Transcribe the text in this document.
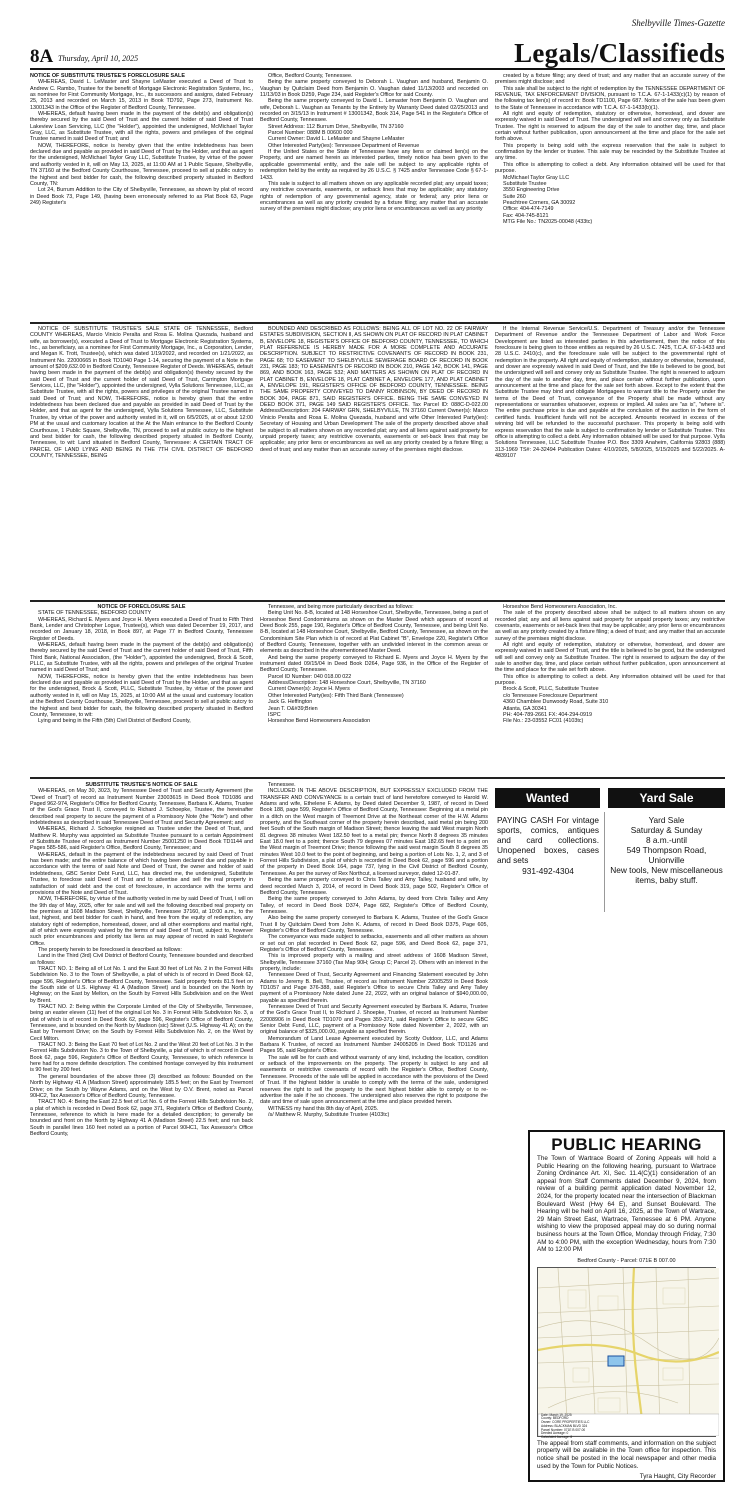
Shelbyville Times-Gazette
8A Thursday, April 10, 2025	Legals/Classifieds

NOTICE OF SUBSTITUTE TRUSTEE'S FORECLOSURE SALE

WHEREAS, David L. LeMaster and Shayne LeMaster executed a Deed of Trust to Andrew C. Rambo, Trustee for the benefit of Mortgage Electronic Registration Systems, Inc., as nominee for First Community Mortgage, Inc., its successors and assigns, dated February 25, 2013 and recorded on March 15, 2013 in Book TD792, Page 273, Instrument No. 13001343 in the Office of the Register of Bedford County, Tennessee.

WHEREAS, default having been made in the payment of the debt(s) and obligation(s) thereby secured by the said Deed of Trust and the current holder of said Deed of Trust Lakeview Loan Servicing, LLC (the "Holder"), appointed the undersigned, McMichael Taylor Gray, LLC, as Substitute Trustee, with all the rights, powers and privileges of the original Trustee named in said Deed of Trust; and

NOW, THEREFORE, notice is hereby given that the entire indebtedness has been declared due and payable as provided in said Deed of Trust by the Holder, and that as agent for the undersigned, McMichael Taylor Gray LLC, Substitute Trustee, by virtue of the power and authority vested in it, will on May 13, 2025, at 11:00 AM at 1 Public Square, Shelbyville, TN 37160 at the Bedford County Courthouse, Tennessee, proceed to sell at public outcry to the highest and best bidder for cash, the following described property situated in Bedford County, TN:

Lot 24, Burrum Addition to the City of Shelbyville, Tennessee, as shown by plat of record in Deed Book 73, Page 149, (having been erroneously referred to as Plat Book 63, Page 249) Register's

Office, Bedford County, Tennessee.

Being the same property conveyed to Deborah L. Vaughan and husband, Benjamin O. Vaughan by Quitclaim Deed from Benjamin O. Vaughan dated 11/13/2003 and recorded on 11/13/03 in Book D259, Page 234, said Register's Office for said County.

Being the same property conveyed to David L. Lemaster from Benjamin O. Vaughan and wife, Deborah L. Vaughan as Tenants by the Entirety by Warranty Deed dated 02/25/2013 and recorded on 3/15/13 in Instrument # 13001342, Book 314, Page 541 in the Register's Office of Bedford County, Tennessee.

Street Address: 112 Burrum Drive, Shelbyville, TN 37160

Parcel Number: 088M B 00600 000

Current Owner: David L. LeMaster and Shayne LeMaster

Other Interested Party(ies): Tennessee Department of Revenue

If the United States or the State of Tennessee have any liens or claimed lien(s) on the Property, and are named herein as interested parties, timely notice has been given to the applicable governmental entity, and the sale will be subject to any applicable rights of redemption held by the entity as required by 26 U.S.C. § 7425 and/or Tennessee Code § 67-1-1433.

This sale is subject to all matters shown on any applicable recorded plat; any unpaid taxes; any restrictive covenants, easements, or setback lines that may be applicable; any statutory rights of redemption of any governmental agency, state or federal; any prior liens or encumbrances as well as any priority created by a fixture filing; any matter that an accurate survey of the premises might disclose; any prior liens or encumbrances as well as any priority

created by a fixture filing; any deed of trust; and any matter that an accurate survey of the premises might disclose; and

This sale shall be subject to the right of redemption by the TENNESSEE DEPARTMENT OF REVENUE, TAX ENFORCEMENT DIVISION, pursuant to T.C.A. 67-1-1433(c)(1) by reason of the following tax lien(s) of record in: Book TD1100, Page 687. Notice of the sale has been given to the State of Tennessee in accordance with T.C.A. 67-1-1433(b)(1).

All right and equity of redemption, statutory or otherwise, homestead, and dower are expressly waived in said Deed of Trust. The undersigned will sell and convey only as Substitute Trustee. The right is reserved to adjourn the day of the sale to another day, time, and place certain without further publication, upon announcement at the time and place for the sale set forth above.

This property is being sold with the express reservation that the sale is subject to confirmation by the lender or trustee. This sale may be rescinded by the Substitute Trustee at any time.

This office is attempting to collect a debt. Any information obtained will be used for that purpose.

McMichael Taylor Gray LLC

Substitute Trustee

3550 Engineering Drive

Suite 260

Peachtree Corners, GA 30092

Office: 404-474-7149

Fax: 404-745-8121

MTG File No.: TN2025-00048 (433tc)

NOTICE OF SUBSTITUTE TRUSTEE'S SALE STATE OF TENNESSEE, Bedford COUNTY WHEREAS, Marcio Vinicio Peralta and Rosa E. Molina Quezada, husband and wife, as borrower(s), executed a Deed of Trust to Mortgage Electronic Registration Systems, Inc., as beneficiary, as a nominee for First Community Mortgage, Inc., a Corporation, Lender, and Megan K. Trott, Trustee(s), which was dated 1/19/2022, and recorded on 1/21/2022, as Instrument No. 22000665 in Book TD1040 Page 1-14, securing the payment of a Note in the amount of $209,632.00 in Bedford County, Tennessee Register of Deeds. WHEREAS, default having been made in the payment of the debt(s) and obligation(s) thereby secured by the said Deed of Trust and the current holder of said Deed of Trust, Carrington Mortgage Services, LLC, (the "Holder"), appointed the undersigned, Vylla Solutions Tennessee, LLC, as Substitute Trustee, with all the rights, powers and privileges of the original Trustee named in said Deed of Trust; and NOW, THEREFORE, notice is hereby given that the entire indebtedness has been declared due and payable as provided in said Deed of Trust by the Holder, and that as agent for the undersigned, Vylla Solutions Tennessee, LLC, Substitute Trustee, by virtue of the power and authority vested in it, will on 6/5/2025, at or about 12:00 PM at the usual and customary location at the At the Main entrance to the Bedford County Courthouse, 1 Public Square, Shelbyville, TN, proceed to sell at public outcry to the highest and best bidder for cash, the following described property situated in Bedford County, Tennessee, to wit: Land situated in Bedford County, Tennessee: A CERTAIN TRACT OF PARCEL OF LAND LYING AND BEING IN THE 7TH CIVIL DISTRICT OF BEDFORD COUNTY, TENNESSEE, BEING

BOUNDED AND DESCRIBED AS FOLLOWS: BEING ALL OF LOT NO. 22 OF FAIRWAY ESTATES SUBDIVISION, SECTION II, AS SHOWN ON PLAT OF RECORD IN PLAT CABINET B, ENVELOPE 18, REGISTER'S OFFICE OF BEDFORD COUNTY, TENNESSEE, TO WHICH PLAT REFERENCE IS HEREBY MADE FOR A MORE COMPLETE AND ACCURATE DESCRIPTION. SUBJECT TO RESTRICTIVE COVENANTS OF RECORD IN BOOK 231, PAGE 68; TO EASEMENT TO SHELBYVILLE SEWERAGE BOARD OF RECORD IN BOOK 231, PAGE 183; TO EASEMENTS OF RECORD IN BOOK 210, PAGE 142, BOOK 141, PAGE 869, AND BOOK 163, PAGE 532; AND MATTERS AS SHOWN ON PLAT OF RECORD IN PLAT CABINET B, ENVELOPE 18, PLAT CABINET A, ENVELOPE 177, AND PLAT CABINET A, ENVELOPE 191, REGISTER'S OFFICE OF BEDFORD COUNTY, TENNESSEE. BEING THE SAME PROPERTY CONVEYED TO DANNY ROBINSON, BY DEED OF RECORD IN BOOK 304, PAGE 871, SAID REGISTER'S OFFICE. BEING THE SAME CONVEYED IN DEED BOOK 371, PAGE 149 SAID REGISTER'S OFFICE. Tax Parcel ID: 088C-D-022.00 Address/Description: 204 FAIRWAY GRN, SHELBYVILLE, TN 37160 Current Owner(s): Marco Vinicio Peralta and Rosa E. Molina Quezada, husband and wife Other Interested Party(ies): Secretary of Housing and Urban Development The sale of the property described above shall be subject to all matters shown on any recorded plat; any and all liens against said property for unpaid property taxes; any restrictive covenants, easements or set-back lines that may be applicable; any prior liens or encumbrances as well as any priority created by a fixture filing; a deed of trust; and any matter than an accurate survey of the premises might disclose.

If the Internal Revenue Service/U.S. Department of Treasury and/or the Tennessee Department of Revenue and/or the Tennessee Department of Labor and Work Force Development are listed as interested parties in this advertisement, then the notice of this foreclosure is being given to those entities as required by 26 U.S.C. 7425, T.C.A. 67-1-1433 and 28 U.S.C. 2410(c), and the foreclosure sale will be subject to the governmental right of redemption in the property. All right and equity of redemption, statutory or otherwise, homestead, and dower are expressly waived in said Deed of Trust, and the title is believed to be good, but the undersigned will sell and convey only as Substitute Trustee. The right is reserved to adjourn the day of the sale to another day, time, and place certain without further publication, upon announcement at the time and place for the sale set forth above. Except to the extent that the Substitute Trustee may bind and obligate Mortgagees to warrant title to the Property under the terms of the Deed of Trust, conveyance of the Property shall be made without any representations or warranties whatsoever, express or implied. All sales are "as is", "where is". The entire purchase price is due and payable at the conclusion of the auction in the form of certified funds. Insufficient funds will not be accepted. Amounts received in excess of the winning bid will be refunded to the successful purchaser. This property is being sold with express reservation that the sale is subject to confirmation by lender or Substitute Trustee. This office is attempting to collect a debt. Any information obtained will be used for that purpose. Vylla Solutions Tennessee, LLC Substitute Trustee P.O. Box 3309 Anaheim, California 92803 (888) 313-1969 TS#: 24-32494 Publication Dates: 4/10/2025, 5/8/2025, 5/15/2025 and 5/22/2025. A-4839107

NOTICE OF FORECLOSURE SALE

STATE OF TENNESSEE, BEDFORD COUNTY

WHEREAS, Richard E. Myers and Joyce H. Myers executed a Deed of Trust to Fifth Third Bank, Lender and Christopher Logue, Trustee(s), which was dated December 19, 2017, and recorded on January 18, 2018, in Book 897, at Page 77 in Bedford County, Tennessee Register of Deeds.

WHEREAS, default having been made in the payment of the debt(s) and obligation(s) thereby secured by the said Deed of Trust and the current holder of said Deed of Trust, Fifth Third Bank, National Association, (the "Holder"), appointed the undersigned, Brock & Scott, PLLC, as Substitute Trustee, with all the rights, powers and privileges of the original Trustee named in said Deed of Trust; and

NOW, THEREFORE, notice is hereby given that the entire indebtedness has been declared due and payable as provided in said Deed of Trust by the Holder, and that as agent for the undersigned, Brock & Scott, PLLC, Substitute Trustee, by virtue of the power and authority vested in it, will on May 15, 2025, at 10:00 AM at the usual and customary location at the Bedford County Courthouse, Shelbyville, Tennessee, proceed to sell at public outcry to the highest and best bidder for cash, the following described property situated in Bedford County, Tennessee, to wit:

Lying and being in the Fifth (5th) Civil District of Bedford County,

Tennessee, and being more particularly described as follows:

Being Unit No. 8-B, located at 148 Horseshoe Court, Shelbyville, Tennessee, being a part of Horseshoe Bend Condominiums as shown on the Master Deed which appears of record at Deed Book 255, page 190, Register's Office of Bedford County, Tennessee, and being Unit No. 8-B, located at 148 Horseshoe Court, Shelbyville, Bedford County, Tennessee, as shown on the Condominium Site Plan which is of record at Plat Cabinet "B", Envelope 220, Register's Office of Bedford County, Tennessee, together with an undivided interest in the common areas or elements as described in the aforementioned Master Deed.

And being the same property conveyed to Richard E. Myers and Joyce H. Myers by the instrument dated 09/15/04 in Deed Book D264, Page 936, in the Office of the Register of Bedford County, Tennessee.

Parcel ID Number: 040 018.00 022

Address/Description: 148 Horseshoe Court, Shelbyville, TN 37160

Current Owner(s): Joyce H. Myers

Other Interested Party(ies): Fifth Third Bank (Tennessee)

Jack G. Heffington

Jean T. O&#39;Brien

ISPC

Horseshoe Bend Homeowners Association

Horseshoe Bend Homeowners Association, Inc.

The sale of the property described above shall be subject to all matters shown on any recorded plat; any and all liens against said property for unpaid property taxes; any restrictive covenants, easements or set-back lines that may be applicable; any prior liens or encumbrances as well as any priority created by a fixture filing; a deed of trust; and any matter that an accurate survey of the premises might disclose.

All right and equity of redemption, statutory or otherwise, homestead, and dower are expressly waived in said Deed of Trust, and the title is believed to be good, but the undersigned will sell and convey only as Substitute Trustee. The right is reserved to adjourn the day of the sale to another day, time, and place certain without further publication, upon announcement at the time and place for the sale set forth above.

This office is attempting to collect a debt. Any information obtained will be used for that purpose.

Brock & Scott, PLLC, Substitute Trustee

c/o Tennessee Foreclosure Department

4360 Chamblee Dunwoody Road, Suite 310

Atlanta, GA 30341

PH: 404-789-2661 FX: 404-294-0919

File No.: 23-03552 FC01 (4103tc)

SUBSTITUTE TRUSTEE'S NOTICE OF SALE

WHEREAS, on May 30, 3023, by Tennessee Deed of Trust and Security Agreement (the "Deed of Trust") of record as Instrument Number 23003615 in Deed Book TD1086 and Paged 962-974, Register's Office for Bedford County, Tennessee, Barbara K. Adams, Trustee of the God's Grace Trust II, conveyed to Richard J. Schoepke, Trustee, the hereinafter described real property to secure the payment of a Promissory Note (the "Note") and other indebtedness as described in said Tennessee Deed of Trust and Security Agreement; and

WHEREAS, Richard J. Schoepke resigned as Trustee under the Deed of Trust, and Matthew R. Murphy was appointed as Substitute Trustee pursuant to a certain Appointment of Substitute Trustee of record as Instrument Number 25001250 in Deed Book TD1144 and Pages 585-586, said Register's Office, Bedford County, Tennessee; and

WHEREAS, default in the payment of the indebtedness secured by said Deed of Trust has been made; and the entire balance of which having been declared due and payable in accordance with the terms of said Note and Deed of Trust, the owner and holder of said indebtedness, GBC Senior Debt Fund, LLC, has directed me, the undersigned, Substitute Trustee, to foreclose said Deed of Trust and to advertise and sell the real property in satisfaction of said debt and the cost of foreclosure, in accordance with the terms and provisions of the Note and Deed of Trust.

NOW, THEREFORE, by virtue of the authority vested in me by said Deed of Trust, I will on the 9th day of May, 2025, offer for sale and will sell the following described real property on the premises at 1608 Madison Street, Shelbyville, Tennessee 37160, at 10:00 a.m., to the last, highest, and best bidder for cash in hand, and free from the equity of redemption, any statutory right of redemption, homestead, dower, and all other exemptions and marital right, all of which were expressly waived by the terms of said Deed of Trust, subject to, however such prior encumbrances and priority tax liens as may appear of record in said Register's Office.

The property herein to be foreclosed is described as follows:

Land in the Third (3rd) Civil District of Bedford County, Tennessee bounded and described as follows:

TRACT NO. 1: Being all of Lot No. 1 and the East 30 feet of Lot No. 2 in the Forrest Hills Subdivision No. 3 to the Town of Shelbyville, a plat of which is of record in Deed Book 62, page 596, Register's Office of Bedford County, Tennessee. Said property fronts 81.5 feet on the South side of U.S. Highway 41 A (Madison Street) and is bounded on the North by Highway; on the East by Melton, on the South by Forrest Hills Subdivision and on the West by Brent.

TRACT NO. 2: Being within the Corporate Limited of the City of Shelbyville, Tennessee, being an easter eleven (11) feet of the original Lot No. 3 in Forrest Hills Subdivision No. 3, a plat of which is of record in Deed Book 62, page 596, Register's Office of Bedford County, Tennessee, and is bounded on the North by Madison (sic) Street (U.S. Highway 41 A); on the East by Treemont Drive; on the South by Forrest Hills Subdivision No. 2, on the West by Cecil Milton.

TRACT NO. 3: Being the East 70 feet of Lot No. 2 and the West 20 feet of Lot No. 3 in the Forrest Hills Subdivision No. 3 to the Town of Shelbyville, a plat of which is of record in Deed Book 62, page 596, Register's Office of Bedford County, Tennessee, to which reference is here had for a more definite description. The combined frontage conveyed by this instrument is 90 feet by 200 feet.

The general boundaries of the above three (3) described as follows: Bounded on the North by Highway 41 A (Madison Street) approximately 185.5 feet; on the East by Treemont Drive; on the South by Wayne Adams, and on the West by O.V. Brent, noted as Parcel 90HC2, Tax Assessor's Office of Bedford County, Tennessee.

TRACT NO. 4: Being the East 22.5 feet of Lot No. 6 of the Forrest Hills Subdivision No. 2, a plat of which is recorded in Deed Book 62, page 371, Register's Office of Bedford County, Tennessee, reference to which is here made for a detailed description; to generally be bounded and front on the North by Highway 41 A (Madison Street) 22.5 feet; and run back South in parallel lines 160 feet noted as a portion of Parcel 90HC1, Tax Assessor's Office Bedford County,

Tennessee.

INCLUDED IN THE ABOVE DESCRIPTION, BUT EXPRESSLY EXCLUDED FROM THE TRANSFER AND CONVEYANCE is a certain tract of land heretofore conveyed to Harold W. Adams and wife, Ethelene F. Adams, by Deed dated December 9, 1987, of record in Deed Book 188, page 599, Register's Office of Bedford County, Tennessee: Beginning at a metal pin in a ditch on the West margin of Treemont Drive at the Northeast corner of the H.W. Adams property, and the Southeast corner of the property herein described, said metal pin being 200 feet South of the South margin of Madison Street; thence leaving the said West margin North 81 degrees 38 minutes West 182.50 feet to a metal pin; thence North 8 degrees 35 minutes East 18.0 feet to a point; thence South 79 degrees 07 minutes East 182.65 feet to a point on the West margin of Treemont Drive; thence following the said west margin South 8 degrees 35 minutes West 10.0 feet to the point of beginning, and being a portion of Lots No. 1, 2, and 3 of Forrest Hills Subdivision, a plat of which is recorded in Deed Book 62, page 596 and a portion of the property in Deed Book 164, page 737, lying in the Civil District of Bedford County, Tennessee. As per the survey of Rex Northcut, a licensed surveyor, dated 12-01-87.

Being the same property conveyed to Chris Talley and Amy Talley, husband and wife, by deed recorded March 3, 2014, of record in Deed Book 319, page 502, Register's Office of Bedford County, Tennessee.

Being the same property conveyed to John Adams, by deed from Chris Talley and Amy Talley, of record in Deed Book D374, Page 682, Register's Office of Bedford County, Tennessee.

Also being the same property conveyed to Barbara K. Adams, Trustee of the God's Grace Trust II by Quitclaim Deed from John K. Adams, of record in Deed Book D375, Page 605, Register's Office of Bedford County, Tennessee.

The conveyance was made subject to setbacks, easements and all other matters as shown or set out on plat recorded in Deed Book 62, page 596, and Deed Book 62, page 371, Register's Office of Bedford County, Tennessee.

This is improved property with a mailing and street address of 1608 Madison Street, Shelbyville, Tennessee 37160 (Tax Map 90H; Group C; Parcel 2). Others with an interest in the property, include:

Tennessee Deed of Trust, Security Agreement and Financing Statement executed by John Adams to Jeremy B. Bell, Trustee, of record as Instrument Number 22005259 in Deed Book TD1057 and Page 376-388, said Register's Office to secure Chris Talley and Amy Talley payment of a Promissory Note dated June 22, 2022, with an original balance of $940,000.00, payable as specified therein.

Tennessee Deed of Trust and Security Agreement executed by Barbara K. Adams, Trustee of the God's Grace Trust II, to Richard J. Shoepke, Trustee, of record as Instrument Number 22008906 in Deed Book TD1070 and Pages 359-371, said Register's Office to secure GBC Senior Debt Fund, LLC, payment of a Promissory Note dated November 2, 2022, with an original balance of $325,000.00, payable as specified therein.

Memorandum of Land Lease Agreement executed by Scotty Outdoor, LLC, and Adams Barbara K Trustee, of record as Instrument Number 24005205 in Deed Book TD1126 and Pages 95, said Register's Office.

The sale will be for cash and without warranty of any kind, including the location, condition or setback of the improvements on the property. The property is subject to any and all easements or restrictive covenants of record with the Register's Office, Bedford County, Tennessee. Proceeds of the sale will be applied in accordance with the provisions of the Deed of Trust. If the highest bidder is unable to comply with the terms of the sale, undersigned reserves the right to sell the property to the next highest bidder able to comply or to re-advertise the sale if he so chooses. The undersigned also reserves the right to postpone the date and time of sale upon announcement at the time and place provided herein.

WITNESS my hand this 8th day of April, 2025.

/s/ Matthew R. Murphy, Substitute Trustee (4103tc)

Wanted	Yard Sale
PAYING CASH For vintage sports, comics, antiques and card collections. Unopened boxes, cases and sets
931-492-4304
Yard Sale
Saturday & Sunday
8 a.m.-until
549 Thompson Road,
Unionville
New tools, New miscellaneous items, baby stuff.
PUBLIC HEARING
The Town of Wartrace Board of Zoning Appeals will hold a Public Hearing on the following hearing, pursuant to Wartrace Zoning Ordinance Art. XI, Sec. 11.4(C)(1) consideration of an appeal from Staff Comments dated December 9, 2024, from review of a building permit application dated November 12, 2024, for the property located near the intersection of Blackman Boulevard West (Hwy 64 E), and Sunset Boulevard. The Hearing will be held on April 16, 2025, at the Town of Wartrace, 29 Main Street East, Wartrace, Tennessee at 6 PM. Anyone wishing to view the proposed appeal may do so during normal business hours at the Town Office, Monday through Friday, 7:30 AM to 4:00 PM, with the exception Wednesday, hours from 7:30 AM to 12:00 PM
Bedford County - Parcel: 071E B 007.00
Date: March 19, 2025
County: BEDFORD
Owner: CORE PROPERTIES LLC
Address: BLACKMAN BLVD 324
Parcel Number: 071E B 007.00
Deeded Acreage: 0
Calculated Acreage: 8
The appeal from staff comments, and information on the subject property will be available in the Town office for inspection. This notice shall be posted in the local newspaper and other media used by the Town for Public Notices.
Tyra Haught, City Recorder
